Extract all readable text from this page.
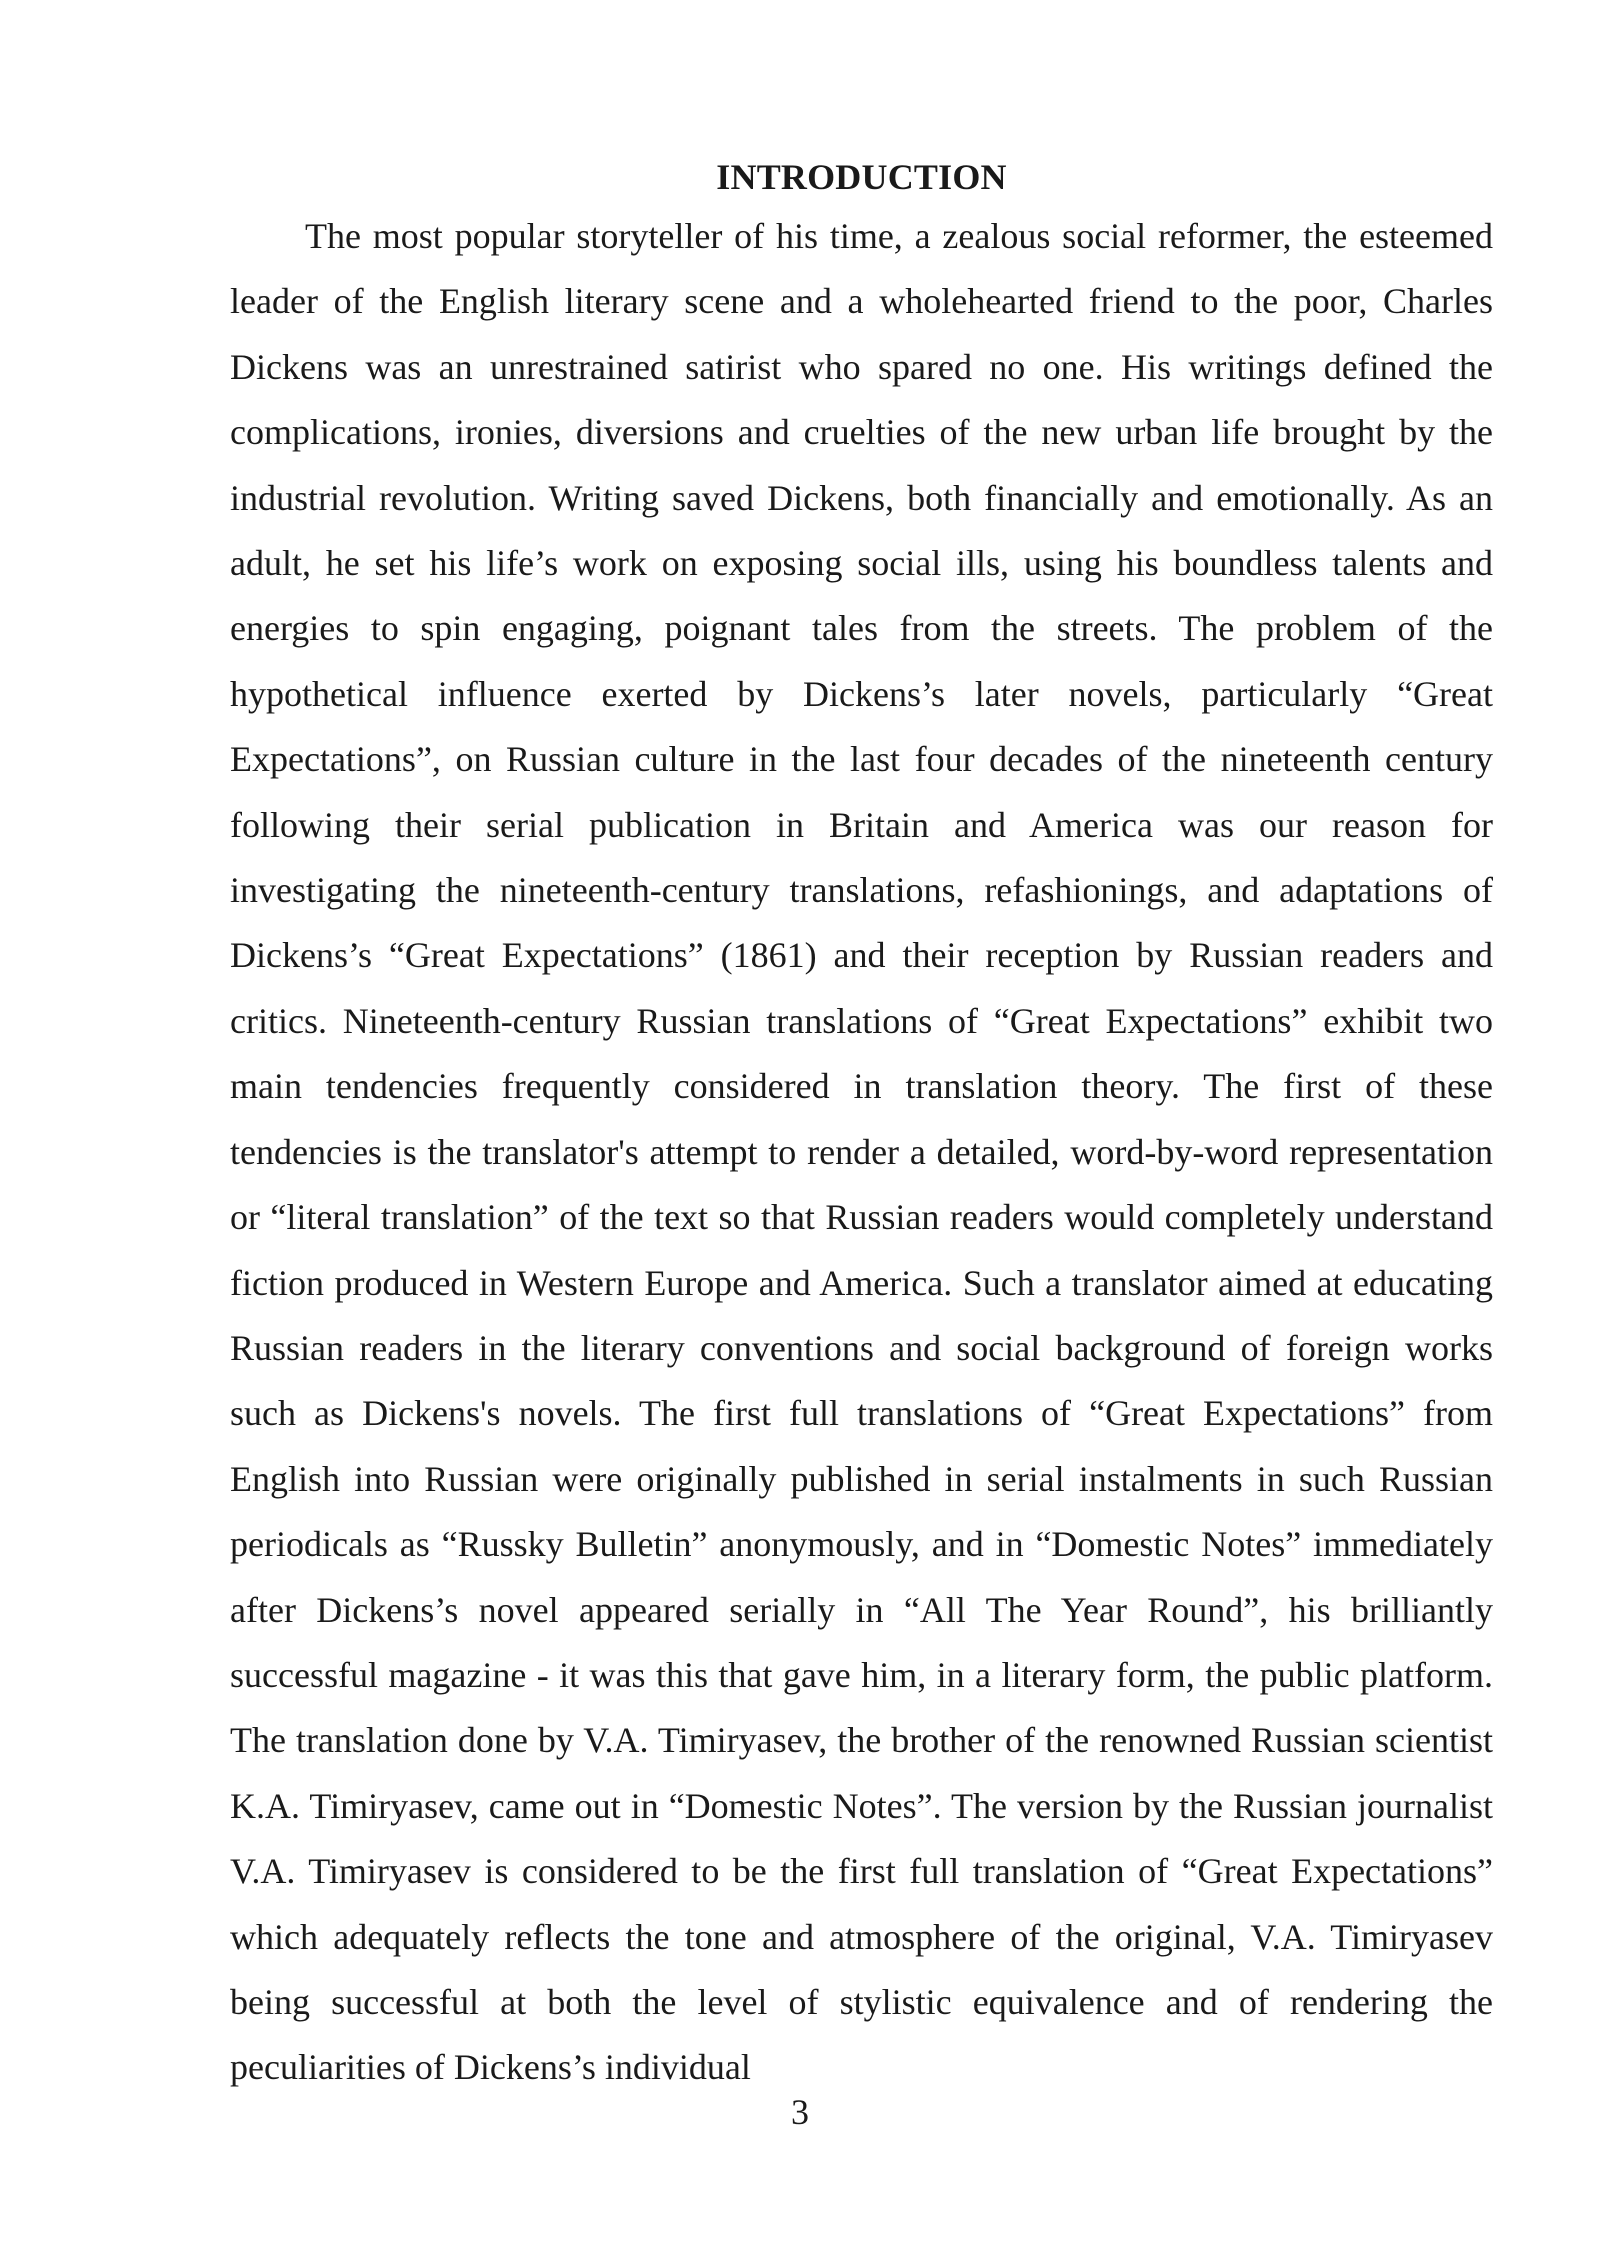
INTRODUCTION

The most popular storyteller of his time, a zealous social reformer, the esteemed leader of the English literary scene and a wholehearted friend to the poor, Charles Dickens was an unrestrained satirist who spared no one. His writings defined the complications, ironies, diversions and cruelties of the new urban life brought by the industrial revolution. Writing saved Dickens, both financially and emotionally. As an adult, he set his life’s work on exposing social ills, using his boundless talents and energies to spin engaging, poignant tales from the streets. The problem of the hypothetical influence exerted by Dickens’s later novels, particularly “Great Expectations”, on Russian culture in the last four decades of the nineteenth century following their serial publication in Britain and America was our reason for investigating the nineteenth-century translations, refashionings, and adaptations of Dickens’s “Great Expectations” (1861) and their reception by Russian readers and critics. Nineteenth-century Russian translations of “Great Expectations” exhibit two main tendencies frequently considered in translation theory. The first of these tendencies is the translator's attempt to render a detailed, word-by-word representation or “literal translation” of the text so that Russian readers would completely understand fiction produced in Western Europe and America. Such a translator aimed at educating Russian readers in the literary conventions and social background of foreign works such as Dickens's novels. The first full translations of “Great Expectations” from English into Russian were originally published in serial instalments in such Russian periodicals as “Russky Bulletin” anonymously, and in “Domestic Notes” immediately after Dickens’s novel appeared serially in “All The Year Round”, his brilliantly successful magazine - it was this that gave him, in a literary form, the public platform. The translation done by V.A. Timiryasev, the brother of the renowned Russian scientist K.A. Timiryasev, came out in “Domestic Notes”. The version by the Russian journalist V.A. Timiryasev is considered to be the first full translation of “Great Expectations” which adequately reflects the tone and atmosphere of the original, V.A. Timiryasev being successful at both the level of stylistic equivalence and of rendering the peculiarities of Dickens’s individual

3
